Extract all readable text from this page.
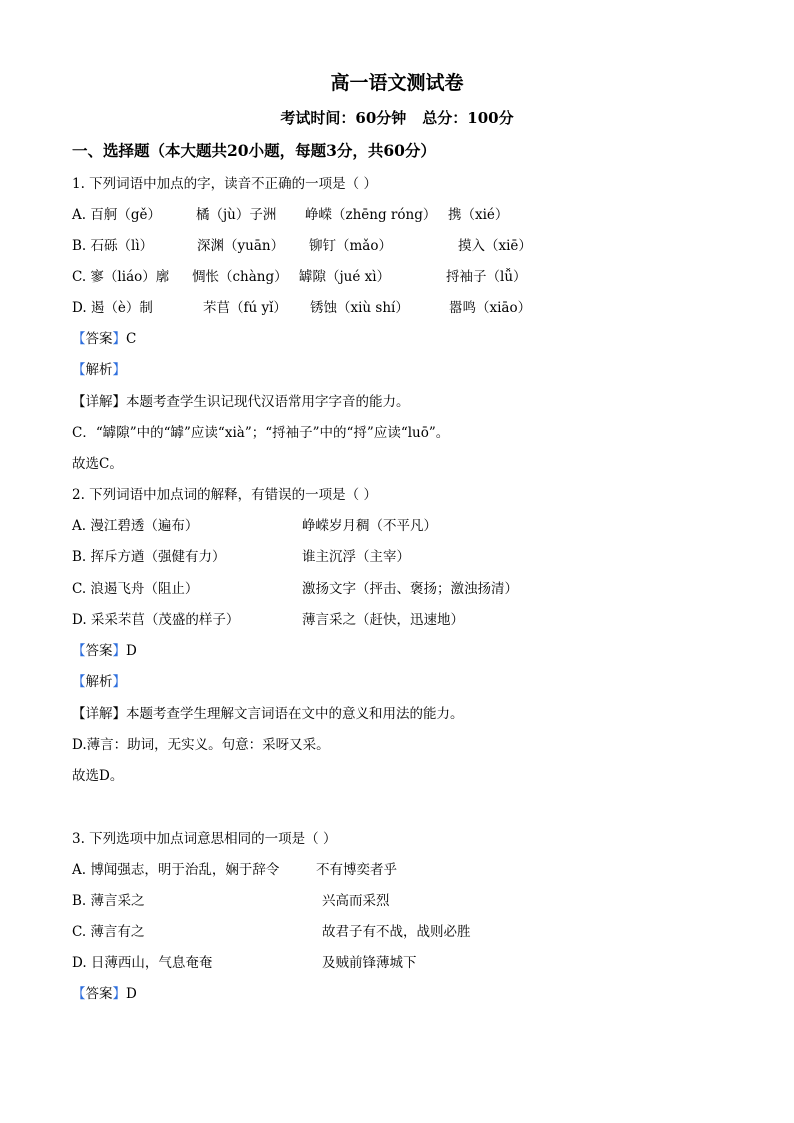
高一语文测试卷
考试时间：60分钟 总分：100分
一、选择题（本大题共20小题，每题3分，共60分）
1. 下列词语中加点的字，读音不正确的一项是（ ）
A. 百舸（gě）	橘（jù）子洲 峥嵘（zhēng róng） 携（xié）
B. 石砾（lì）	深渊（yuān） 铆钉（mǎo）	摸入（xiē）
C. 寥（liáo）廓 惆怅（chàng） 罅隙（jué xì）	捋袖子（lǚ）
D. 遏（è）制	芣苢（fú yǐ） 锈蚀（xiù shí）	嚣鸣（xiāo）
【答案】C
【解析】
【详解】本题考查学生识记现代汉语常用字字音的能力。
C．“罅隙”中的“罅”应读“xià”；“捋袖子”中的“捋”应读“luō”。
故选C。
2. 下列词语中加点词的解释，有错误的一项是（ ）
A. 漫江碧透（遍布）	峥嵘岁月稠（不平凡）
B. 挥斥方遒（强健有力）	谁主沉浮（主宰）
C. 浪遏飞舟（阻止）	激扬文字（抨击、褒扬；激浊扬清）
D. 采采芣苢（茂盛的样子）	薄言采之（赶快，迅速地）
【答案】D
【解析】
【详解】本题考查学生理解文言词语在文中的意义和用法的能力。
D.薄言：助词，无实义。句意：采呀又采。
故选D。
3. 下列选项中加点词意思相同的一项是（ ）
A. 博闻强志，明于治乱，娴于辞令	不有博奕者乎
B. 薄言采之	兴高而采烈
C. 薄言有之	故君子有不战，战则必胜
D. 日薄西山，气息奄奄	及贼前锋薄城下
【答案】D
